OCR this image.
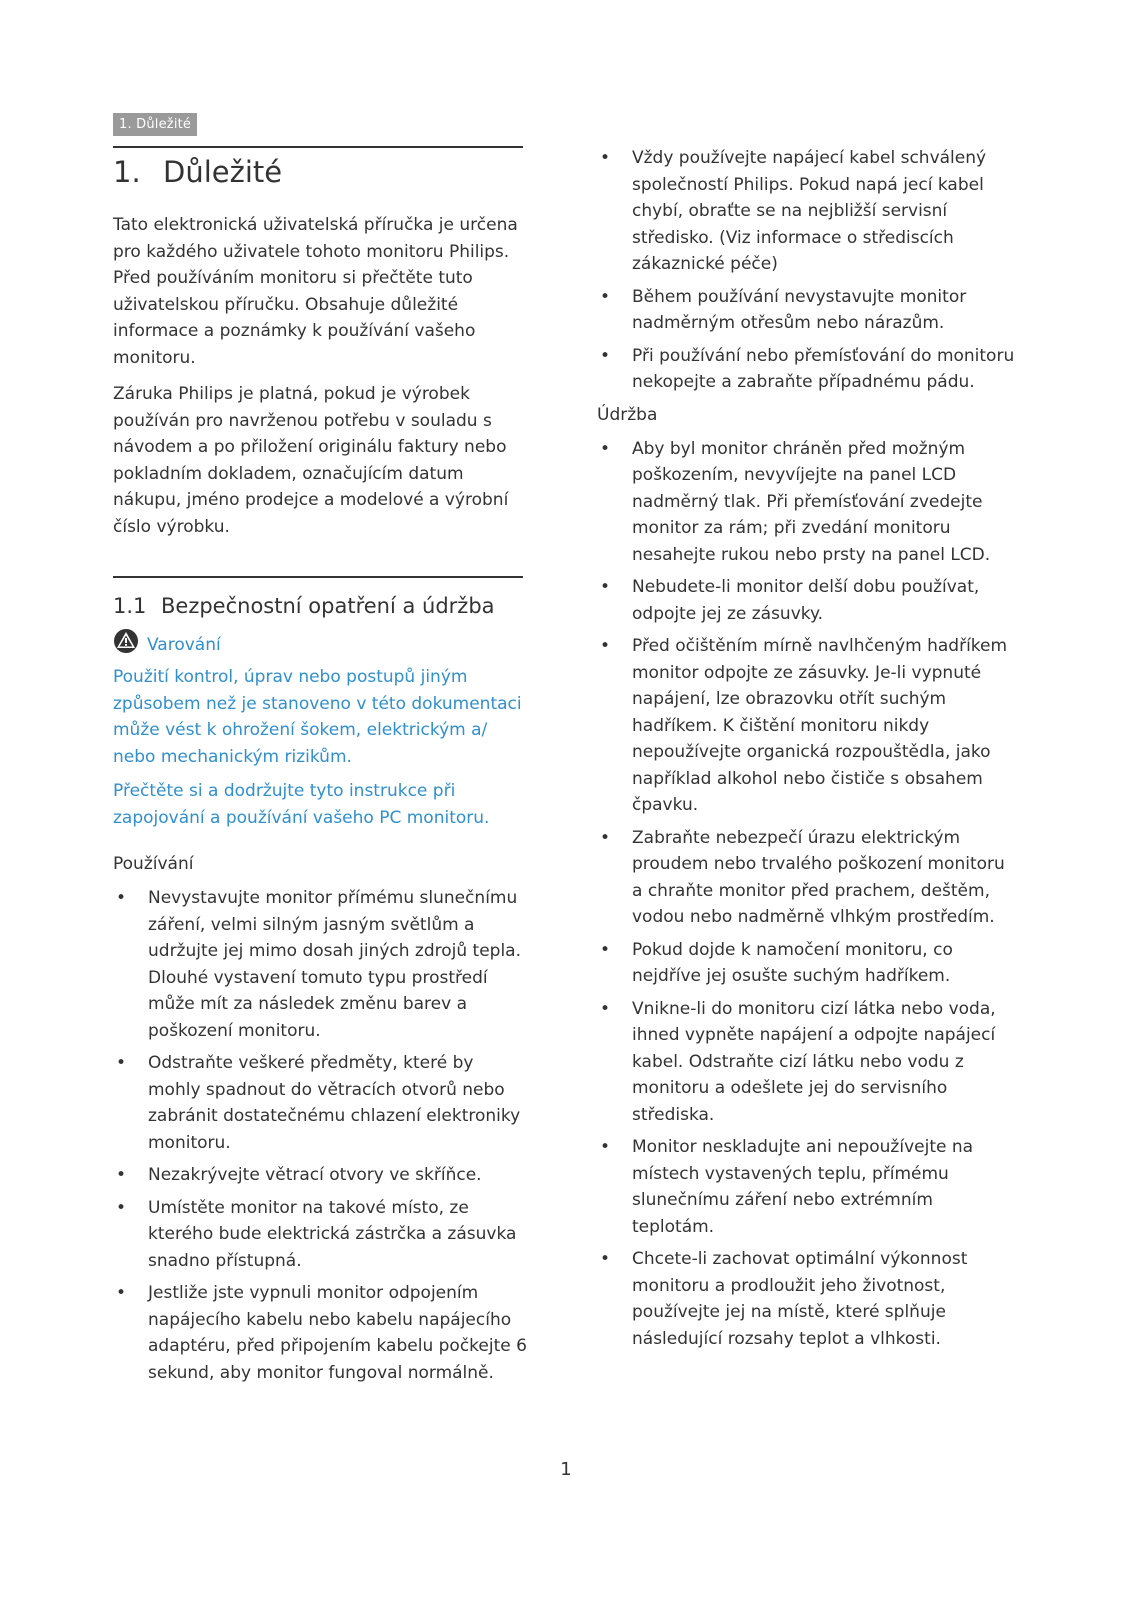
1. Důležité
1. Důležité

Tato elektronická uživatelská příručka je určena pro každého uživatele tohoto monitoru Philips. Před používáním monitoru si přečtěte tuto uživatelskou příručku. Obsahuje důležité informace a poznámky k používání vašeho monitoru.

Záruka Philips je platná, pokud je výrobek používán pro navrženou potřebu v souladu s návodem a po přiložení originálu faktury nebo pokladním dokladem, označujícím datum nákupu, jméno prodejce a modelové a výrobní číslo výrobku.

1.1 Bezpečnostní opatření a údržba
Varování

Použití kontrol, úprav nebo postupů jiným způsobem než je stanoveno v této dokumentaci může vést k ohrožení šokem, elektrickým a/ nebo mechanickým rizikům.

Přečtěte si a dodržujte tyto instrukce při zapojování a používání vašeho PC monitoru.

Používání

• Nevystavujte monitor přímému slunečnímu záření, velmi silným jasným světlům a udržujte jej mimo dosah jiných zdrojů tepla. Dlouhé vystavení tomuto typu prostředí může mít za následek změnu barev a poškození monitoru.
• Odstraňte veškeré předměty, které by mohly spadnout do větracích otvorů nebo zabránit dostatečnému chlazení elektroniky monitoru.
• Nezakrývejte větrací otvory ve skříňce.
• Umístěte monitor na takové místo, ze kterého bude elektrická zástrčka a zásuvka snadno přístupná.
• Jestliže jste vypnuli monitor odpojením napájecího kabelu nebo kabelu napájecího adaptéru, před připojením kabelu počkejte 6 sekund, aby monitor fungoval normálně.
• Vždy používejte napájecí kabel schválený společností Philips. Pokud napá jecí kabel chybí, obraťte se na nejbližší servisní středisko. (Viz informace o střediscích zákaznické péče)
• Během používání nevystavujte monitor nadměrným otřesům nebo nárazům.
• Při používání nebo přemísťování do monitoru nekopejte a zabraňte případnému pádu.

Údržba

• Aby byl monitor chráněn před možným poškozením, nevyvíjejte na panel LCD nadměrný tlak. Při přemísťování zvedejte monitor za rám; při zvedání monitoru nesahejte rukou nebo prsty na panel LCD.
• Nebudete-li monitor delší dobu používat, odpojte jej ze zásuvky.
• Před očištěním mírně navlhčeným hadříkem monitor odpojte ze zásuvky. Je-li vypnuté napájení, lze obrazovku otřít suchým hadříkem. K čištění monitoru nikdy nepoužívejte organická rozpouštědla, jako například alkohol nebo čističe s obsahem čpavku.
• Zabraňte nebezpečí úrazu elektrickým proudem nebo trvalého poškození monitoru a chraňte monitor před prachem, deštěm, vodou nebo nadměrně vlhkým prostředím.
• Pokud dojde k namočení monitoru, co nejdříve jej osušte suchým hadříkem.
• Vnikne-li do monitoru cizí látka nebo voda, ihned vypněte napájení a odpojte napájecí kabel. Odstraňte cizí látku nebo vodu z monitoru a odešlete jej do servisního střediska.
• Monitor neskladujte ani nepoužívejte na místech vystavených teplu, přímému slunečnímu záření nebo extrémním teplotám.
• Chcete-li zachovat optimální výkonnost monitoru a prodloužit jeho životnost, používejte jej na místě, které splňuje následující rozsahy teplot a vlhkosti.
1
